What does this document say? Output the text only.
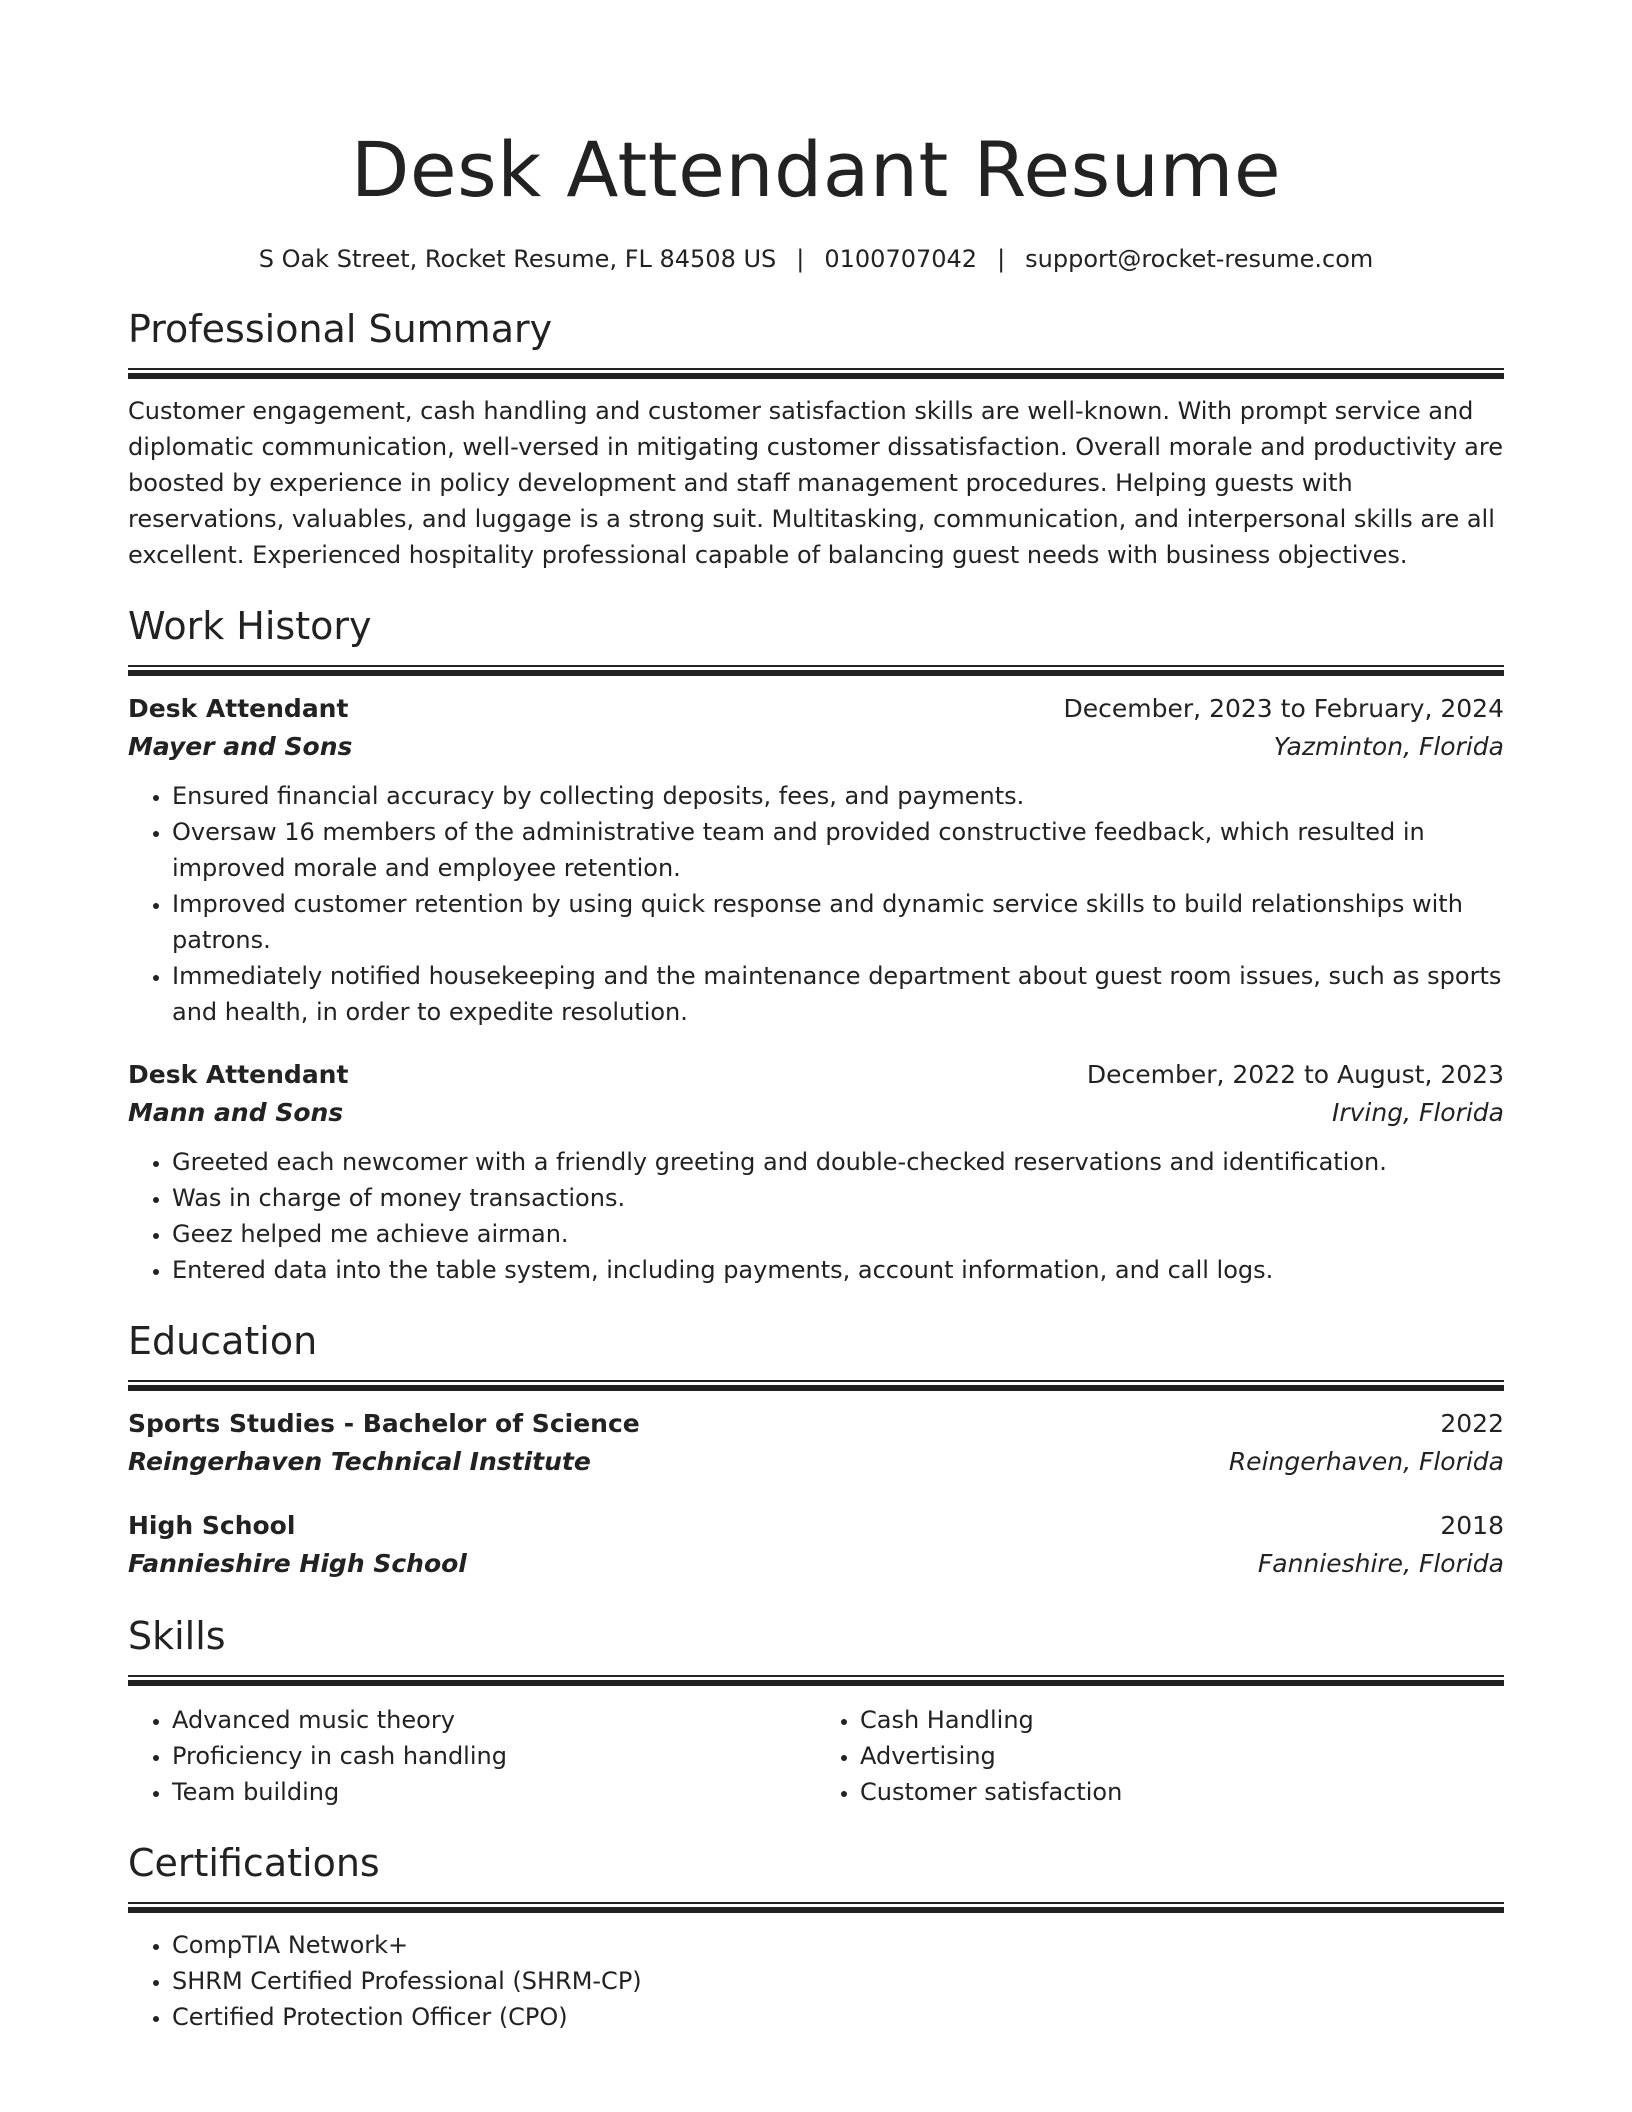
Desk Attendant Resume
S Oak Street, Rocket Resume, FL 84508 US | 0100707042 | support@rocket-resume.com
Professional Summary

Customer engagement, cash handling and customer satisfaction skills are well-known. With prompt service and diplomatic communication, well-versed in mitigating customer dissatisfaction. Overall morale and productivity are boosted by experience in policy development and staff management procedures. Helping guests with reservations, valuables, and luggage is a strong suit. Multitasking, communication, and interpersonal skills are all excellent. Experienced hospitality professional capable of balancing guest needs with business objectives.

Work History
Desk Attendant	December, 2023 to February, 2024
Mayer and Sons	Yazminton, Florida
• Ensured financial accuracy by collecting deposits, fees, and payments.
• Oversaw 16 members of the administrative team and provided constructive feedback, which resulted in improved morale and employee retention.
• Improved customer retention by using quick response and dynamic service skills to build relationships with patrons.
• Immediately notified housekeeping and the maintenance department about guest room issues, such as sports and health, in order to expedite resolution.
Desk Attendant	December, 2022 to August, 2023
Mann and Sons	Irving, Florida
• Greeted each newcomer with a friendly greeting and double-checked reservations and identification.
• Was in charge of money transactions.
• Geez helped me achieve airman.
• Entered data into the table system, including payments, account information, and call logs.
Education
Sports Studies - Bachelor of Science	2022
Reingerhaven Technical Institute	Reingerhaven, Florida
High School	2018
Fannieshire High School	Fannieshire, Florida
Skills
• Advanced music theory
• Proficiency in cash handling
• Team building
• Cash Handling
• Advertising
• Customer satisfaction
Certifications
• CompTIA Network+
• SHRM Certified Professional (SHRM-CP)
• Certified Protection Officer (CPO)
